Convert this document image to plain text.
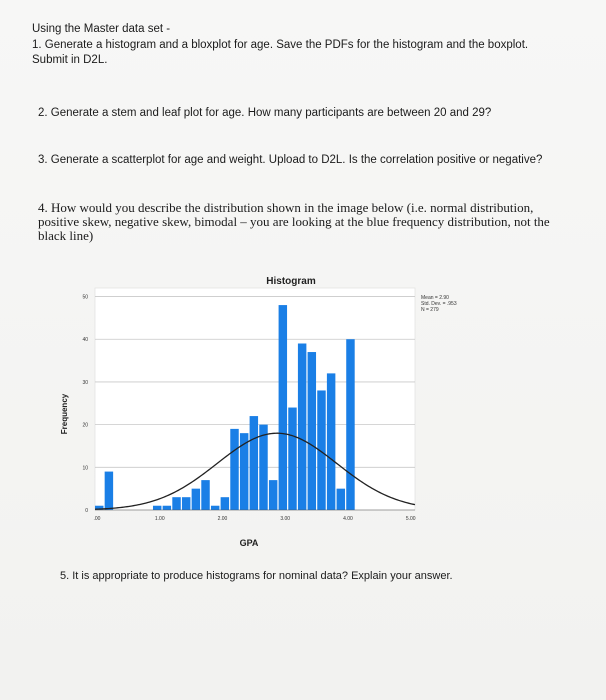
Using the Master data set -
1. Generate a histogram and a bloxplot for age. Save the PDFs for the histogram and the boxplot. Submit in D2L.
2. Generate a stem and leaf plot for age. How many participants are between 20 and 29?
3. Generate a scatterplot for age and weight. Upload to D2L. Is the correlation positive or negative?
4. How would you describe the distribution shown in the image below (i.e. normal distribution, positive skew, negative skew, bimodal – you are looking at the blue frequency distribution, not the black line)
0
10
20
30
40
50
.00	1.00	2.00	3.00	4.00	5.00
Histogram
GPA
Frequency
Mean = 2.90
Std. Dev. = .953
N = 279
5. It is appropriate to produce histograms for nominal data? Explain your answer.
